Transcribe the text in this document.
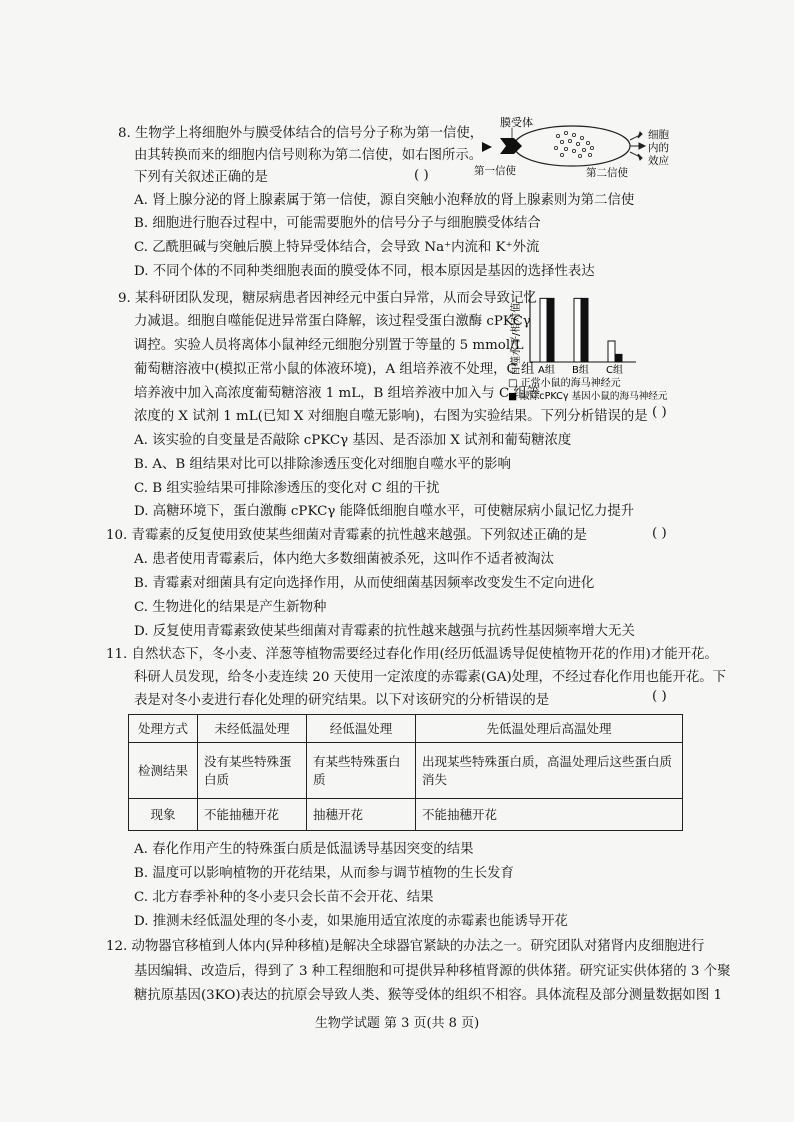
8. 生物学上将细胞外与膜受体结合的信号分子称为第一信使，
由其转换而来的细胞内信号则称为第二信使，如右图所示。
下列有关叙述正确的是	( )
A. 肾上腺分泌的肾上腺素属于第一信使，源自突触小泡释放的肾上腺素则为第二信使
B. 细胞进行胞吞过程中，可能需要胞外的信号分子与细胞膜受体结合
C. 乙酰胆碱与突触后膜上特异受体结合，会导致 Na⁺内流和 K⁺外流
D. 不同个体的不同种类细胞表面的膜受体不同，根本原因是基因的选择性表达
膜受体
第一信使	第二信使
细胞
内的
效应
9. 某科研团队发现，糖尿病患者因神经元中蛋白异常，从而会导致记忆
力减退。细胞自噬能促进异常蛋白降解，该过程受蛋白激酶 cPKCγ
调控。实验人员将离体小鼠神经元细胞分别置于等量的 5 mmol/L
葡萄糖溶液中(模拟正常小鼠的体液环境)，A 组培养液不处理，C 组
培养液中加入高浓度葡萄糖溶液 1 mL，B 组培养液中加入与 C 组等
浓度的 X 试剂 1 mL(已知 X 对细胞自噬无影响)，右图为实验结果。下列分析错误的是 ( )
A. 该实验的自变量是否敲除 cPKCγ 基因、是否添加 X 试剂和葡萄糖浓度
B. A、B 组结果对比可以排除渗透压变化对细胞自噬水平的影响
C. B 组实验结果可排除渗透压的变化对 C 组的干扰
D. 高糖环境下，蛋白激酶 cPKCγ 能降低细胞自噬水平，可使糖尿病小鼠记忆力提升
自噬水平/相对值 A组 B组 C组
□ 正常小鼠的海马神经元
■ 敲除cPKCγ 基因小鼠的海马神经元
10. 青霉素的反复使用致使某些细菌对青霉素的抗性越来越强。下列叙述正确的是	( )
A. 患者使用青霉素后，体内绝大多数细菌被杀死，这叫作不适者被淘汰
B. 青霉素对细菌具有定向选择作用，从而使细菌基因频率改变发生不定向进化
C. 生物进化的结果是产生新物种
D. 反复使用青霉素致使某些细菌对青霉素的抗性越来越强与抗药性基因频率增大无关
11. 自然状态下，冬小麦、洋葱等植物需要经过春化作用(经历低温诱导促使植物开花的作用)才能开花。
科研人员发现，给冬小麦连续 20 天使用一定浓度的赤霉素(GA)处理，不经过春化作用也能开花。下
表是对冬小麦进行春化处理的研究结果。以下对该研究的分析错误的是	( )
处理方式	未经低温处理	经低温处理	先低温处理后高温处理
检测结果	没有某些特殊蛋白质	有某些特殊蛋白质	出现某些特殊蛋白质，高温处理后这些蛋白质消失
现象	不能抽穗开花	抽穗开花	不能抽穗开花
A. 春化作用产生的特殊蛋白质是低温诱导基因突变的结果
B. 温度可以影响植物的开花结果，从而参与调节植物的生长发育
C. 北方春季补种的冬小麦只会长苗不会开花、结果
D. 推测未经低温处理的冬小麦，如果施用适宜浓度的赤霉素也能诱导开花
12. 动物器官移植到人体内(异种移植)是解决全球器官紧缺的办法之一。研究团队对猪肾内皮细胞进行
基因编辑、改造后，得到了 3 种工程细胞和可提供异种移植肾源的供体猪。研究证实供体猪的 3 个聚
糖抗原基因(3KO)表达的抗原会导致人类、猴等受体的组织不相容。具体流程及部分测量数据如图 1
生物学试题 第 3 页(共 8 页)
